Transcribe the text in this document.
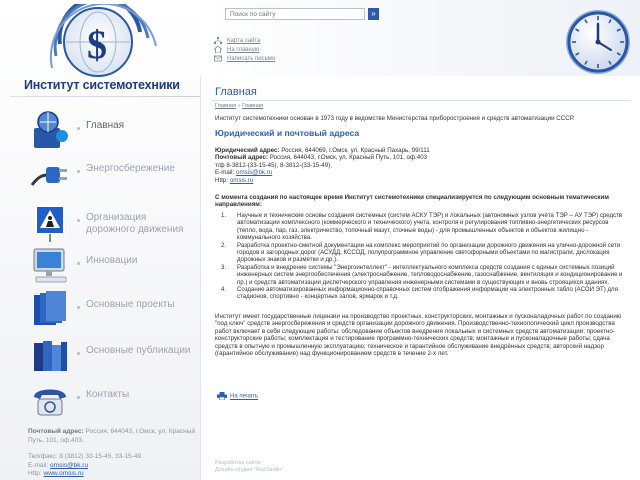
$
Институт системотехники
Главная
Энергосбережение
Организация дорожного движения
Инновации
Основные проекты
Основные публикации
Контакты
Почтовый адрес: Россия, 644043, г.Омск, ул. Красный Путь, 101, оф.403.
Тел/факс: 8 (3812) 33-15-45, 33-15-49.
E-mail: omsis@bk.ru
Http: www.omsis.ru
Поиск по сайту
»
Карта сайта
На главную
Написать письмо
Главная
Главная » Главная
Институт системотехники основан в 1973 году в ведомстве Министерства приборостроения и средств автоматизации СССР.
Юридический и почтовый адреса
Юридический адрес: Россия, 644069, г.Омск, ул. Красный Пахарь, 99/111
Почтовый адрес: Россия, 644043, г.Омск, ул. Красный Путь, 101, оф.403
т/ф 8-3812-(33-15-45), 8-3812-(33-15-49),
E-mail: omsis@bk.ru
Http: omsis.ru
С момента создания по настоящее время Институт системотехники специализируется по следующим основным тематическим направлениям:
1. Научные и технические основы создания системных (систем АСКУ ТЭР) и локальных (автономных узлов учёта ТЭР – АУ ТЭР) средств автоматизации комплексного (коммерческого и технического) учета, контроля и регулирования топливно-энергетических ресурсов (тепло, вода, пар, газ, электричество, топочный мазут, сточные воды) - для промышленных объектов и объектов жилищно - коммунального хозяйства.
2. Разработка проектно-сметной документации на комплекс мероприятий по организации дорожного движения на улично-дорожной сети городов и загородных дорог (АСУДД, КССОД, полупрограммное управление светофорными объектами по магистрали, дислокация дорожных знаков и разметки и др.).
3. Разработка и внедрение системы "Энергоинтеллект" - интеллектуального комплекса средств создания с единых системных позиций инженерных систем энергообеспечения (электроснабжение, тепловодоснабжение, газоснабжение, вентиляция и кондиционирование и пр.) и средств автоматизации диспетчерского управления инженерными системами в существующих и вновь строящихся зданиях.
4. Создание автоматизированных информационно-справочных систем отображения информации на электронных табло (АСОИ ЭТ) для стадионов, спортивно - концертных залов, ярмарок и т.д.
Институт имеет государственные лицензии на производство проектных, конструкторских, монтажных и пусконаладочных работ по созданию "под ключ" средств энергосбережения и средств организации дорожного движения. Производственно-технологический цикл производства работ включает в себя следующие работы: обследование объектов внедрения локальных и системных средств автоматизации; проектно-конструкторские работы; комплектация и тестирование программно-технических средств; монтажные и пусконаладочные работы; сдача средств в опытную и промышленную эксплуатацию; техническое и гарантийное обслуживание внедрённых средств; авторский надзор (гарантийное обслуживание) над функционированием средств в течение 2-х лет.
На печать
Разработка сайта:
Дизайн-студия "RasStudio"
